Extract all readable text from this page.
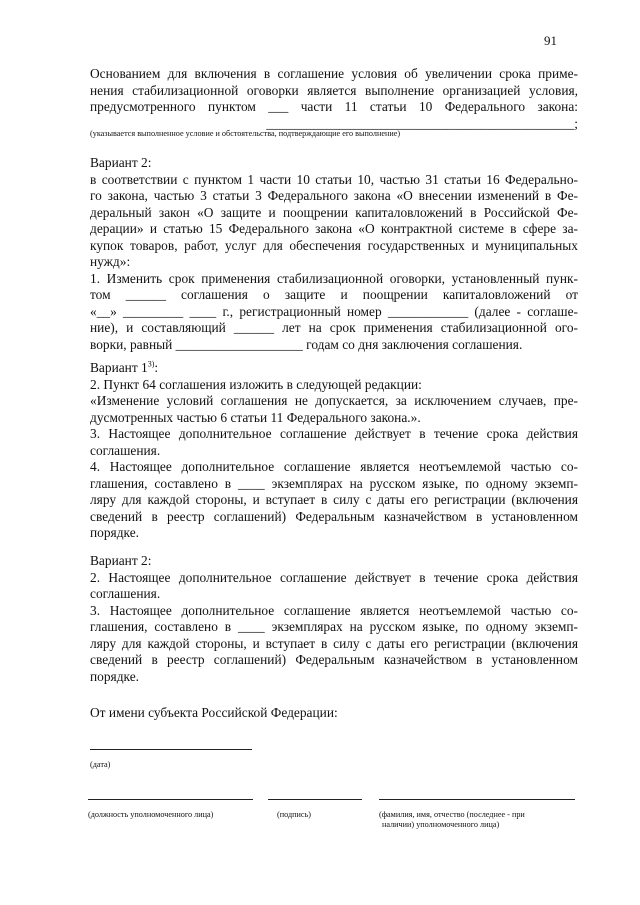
91
Основанием для включения в соглашение условия об увеличении срока приме-
нения стабилизационной оговорки является выполнение организацией условия,
предусмотренного пунктом ___ части 11 статьи 10 Федерального закона:
______________________________________________;
(указывается выполненное условие и обстоятельства, подтверждающие его выполнение)
Вариант 2:
в соответствии с пунктом 1 части 10 статьи 10, частью 31 статьи 16 Федерально-
го закона, частью 3 статьи 3 Федерального закона «О внесении изменений в Фе-
деральный закон «О защите и поощрении капиталовложений в Российской Фе-
дерации» и статью 15 Федерального закона «О контрактной системе в сфере за-
купок товаров, работ, услуг для обеспечения государственных и муниципальных
нужд»:
1. Изменить срок применения стабилизационной оговорки, установленный пунк-
том ______ соглашения о защите и поощрении капиталовложений от
«__» _________ ____ г., регистрационный номер ____________ (далее - соглаше-
ние), и составляющий ______ лет на срок применения стабилизационной ого-
ворки, равный ___________________ годам со дня заключения соглашения.
Вариант 1$^{3)}$:
2. Пункт 64 соглашения изложить в следующей редакции:
«Изменение условий соглашения не допускается, за исключением случаев, пре-
дусмотренных частью 6 статьи 11 Федерального закона.».
3. Настоящее дополнительное соглашение действует в течение срока действия
соглашения.
4. Настоящее дополнительное соглашение является неотъемлемой частью со-
глашения, составлено в ____ экземплярах на русском языке, по одному экземп-
ляру для каждой стороны, и вступает в силу с даты его регистрации (включения
сведений в реестр соглашений) Федеральным казначейством в установленном
порядке.
Вариант 2:
2. Настоящее дополнительное соглашение действует в течение срока действия
соглашения.
3. Настоящее дополнительное соглашение является неотъемлемой частью со-
глашения, составлено в ____ экземплярах на русском языке, по одному экземп-
ляру для каждой стороны, и вступает в силу с даты его регистрации (включения
сведений в реестр соглашений) Федеральным казначейством в установленном
порядке.
От имени субъекта Российской Федерации:
(дата)
(должность уполномоченного лица)	(подпись)	(фамилия, имя, отчество (последнее - при
наличии) уполномоченного лица)
